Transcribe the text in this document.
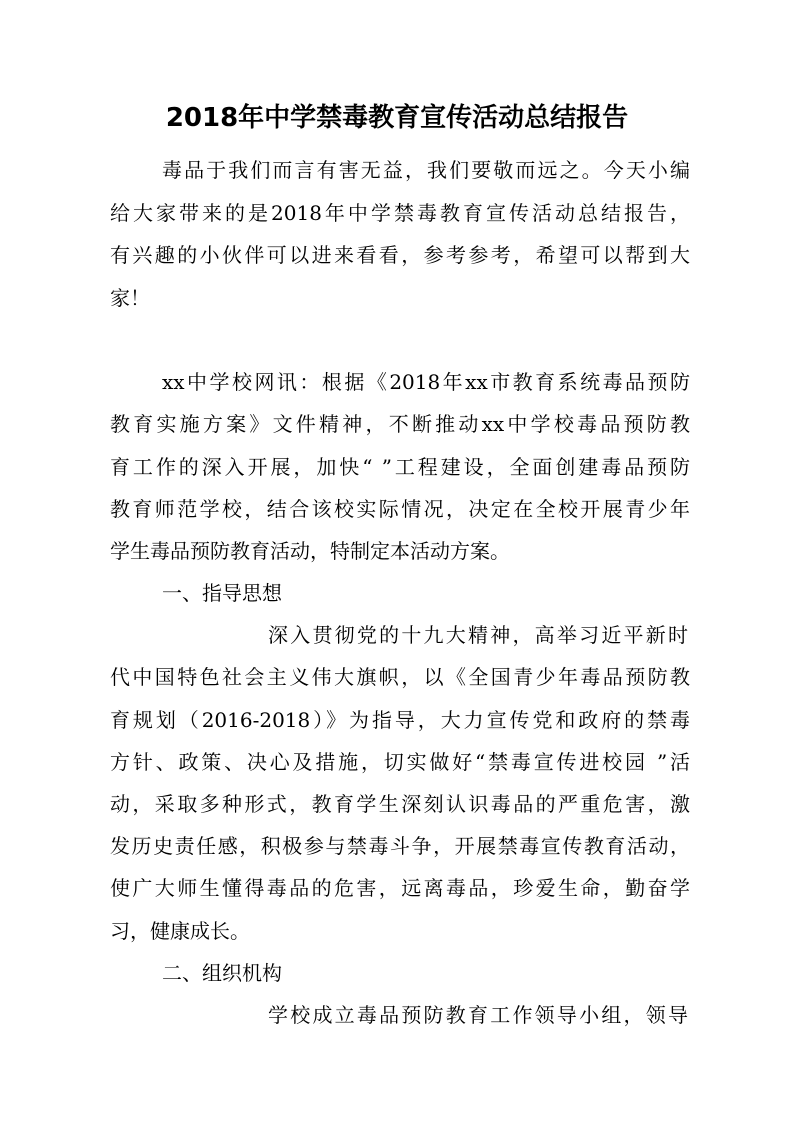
2018年中学禁毒教育宣传活动总结报告

毒品于我们而言有害无益，我们要敬而远之。今天小编

给大家带来的是2018年中学禁毒教育宣传活动总结报告，

有兴趣的小伙伴可以进来看看，参考参考，希望可以帮到大

家！

xx中学校网讯：根据《2018年xx市教育系统毒品预防

教育实施方案》文件精神，不断推动xx中学校毒品预防教

育工作的深入开展，加快“ ”工程建设，全面创建毒品预防

教育师范学校，结合该校实际情况，决定在全校开展青少年

学生毒品预防教育活动，特制定本活动方案。

一、指导思想

深入贯彻党的十九大精神，高举习近平新时

代中国特色社会主义伟大旗帜，以《全国青少年毒品预防教

育规划（2016-2018）》为指导，大力宣传党和政府的禁毒

方针、政策、决心及措施，切实做好“禁毒宣传进校园 ”活

动，采取多种形式，教育学生深刻认识毒品的严重危害，激

发历史责任感，积极参与禁毒斗争，开展禁毒宣传教育活动，

使广大师生懂得毒品的危害，远离毒品，珍爱生命，勤奋学

习，健康成长。

二、组织机构

学校成立毒品预防教育工作领导小组，领导
